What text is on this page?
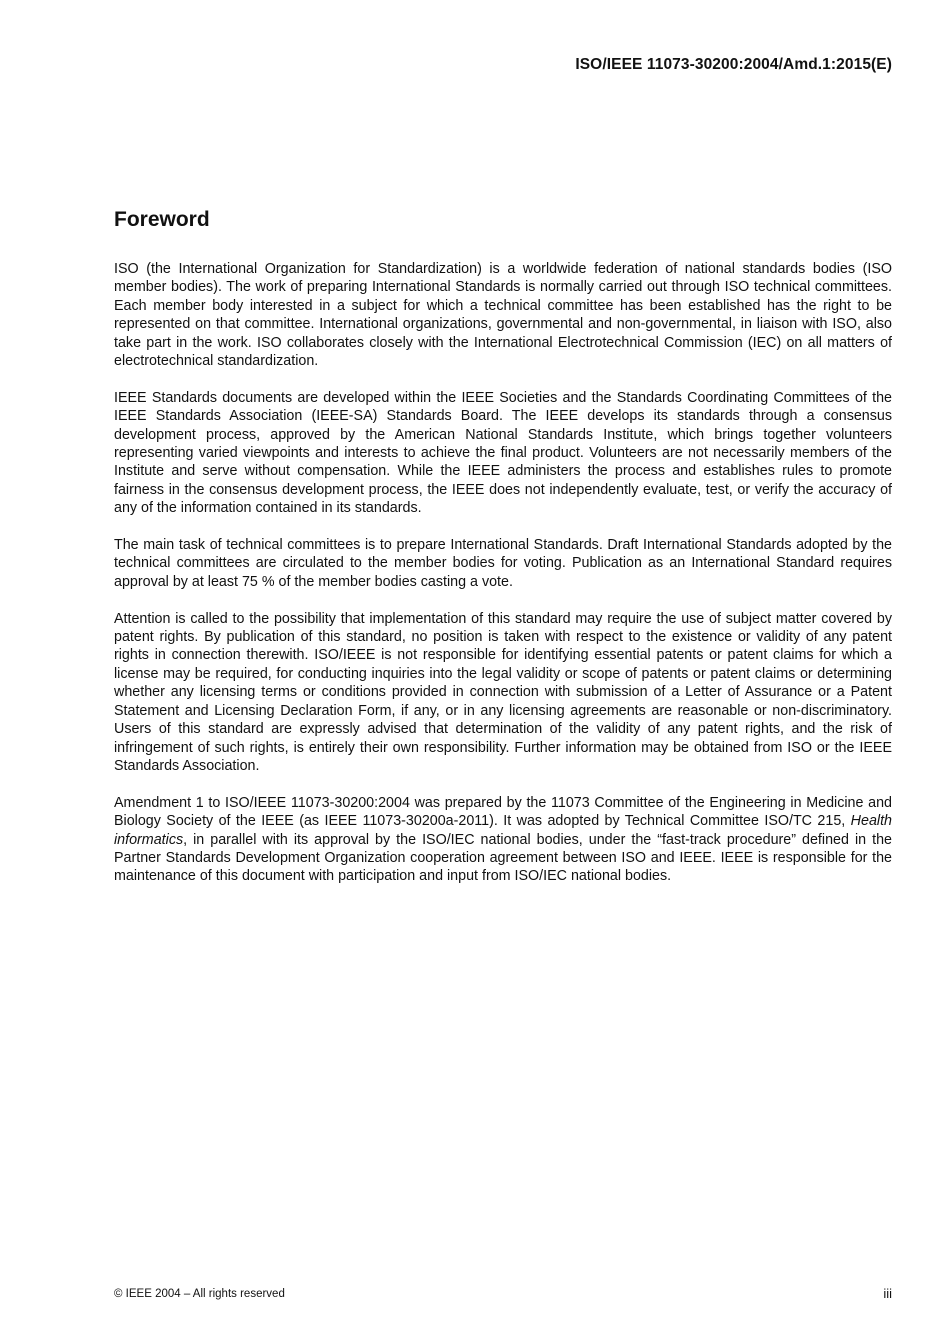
ISO/IEEE 11073-30200:2004/Amd.1:2015(E)
Foreword

ISO (the International Organization for Standardization) is a worldwide federation of national standards bodies (ISO member bodies). The work of preparing International Standards is normally carried out through ISO technical committees. Each member body interested in a subject for which a technical committee has been established has the right to be represented on that committee. International organizations, governmental and non-governmental, in liaison with ISO, also take part in the work. ISO collaborates closely with the International Electrotechnical Commission (IEC) on all matters of electrotechnical standardization.

IEEE Standards documents are developed within the IEEE Societies and the Standards Coordinating Committees of the IEEE Standards Association (IEEE-SA) Standards Board. The IEEE develops its standards through a consensus development process, approved by the American National Standards Institute, which brings together volunteers representing varied viewpoints and interests to achieve the final product. Volunteers are not necessarily members of the Institute and serve without compensation. While the IEEE administers the process and establishes rules to promote fairness in the consensus development process, the IEEE does not independently evaluate, test, or verify the accuracy of any of the information contained in its standards.

The main task of technical committees is to prepare International Standards. Draft International Standards adopted by the technical committees are circulated to the member bodies for voting. Publication as an International Standard requires approval by at least 75 % of the member bodies casting a vote.

Attention is called to the possibility that implementation of this standard may require the use of subject matter covered by patent rights. By publication of this standard, no position is taken with respect to the existence or validity of any patent rights in connection therewith. ISO/IEEE is not responsible for identifying essential patents or patent claims for which a license may be required, for conducting inquiries into the legal validity or scope of patents or patent claims or determining whether any licensing terms or conditions provided in connection with submission of a Letter of Assurance or a Patent Statement and Licensing Declaration Form, if any, or in any licensing agreements are reasonable or non-discriminatory. Users of this standard are expressly advised that determination of the validity of any patent rights, and the risk of infringement of such rights, is entirely their own responsibility. Further information may be obtained from ISO or the IEEE Standards Association.

Amendment 1 to ISO/IEEE 11073-30200:2004 was prepared by the 11073 Committee of the Engineering in Medicine and Biology Society of the IEEE (as IEEE 11073-30200a-2011). It was adopted by Technical Committee ISO/TC 215, Health informatics, in parallel with its approval by the ISO/IEC national bodies, under the “fast-track procedure” defined in the Partner Standards Development Organization cooperation agreement between ISO and IEEE. IEEE is responsible for the maintenance of this document with participation and input from ISO/IEC national bodies.

© IEEE 2004 – All rights reserved	iii
